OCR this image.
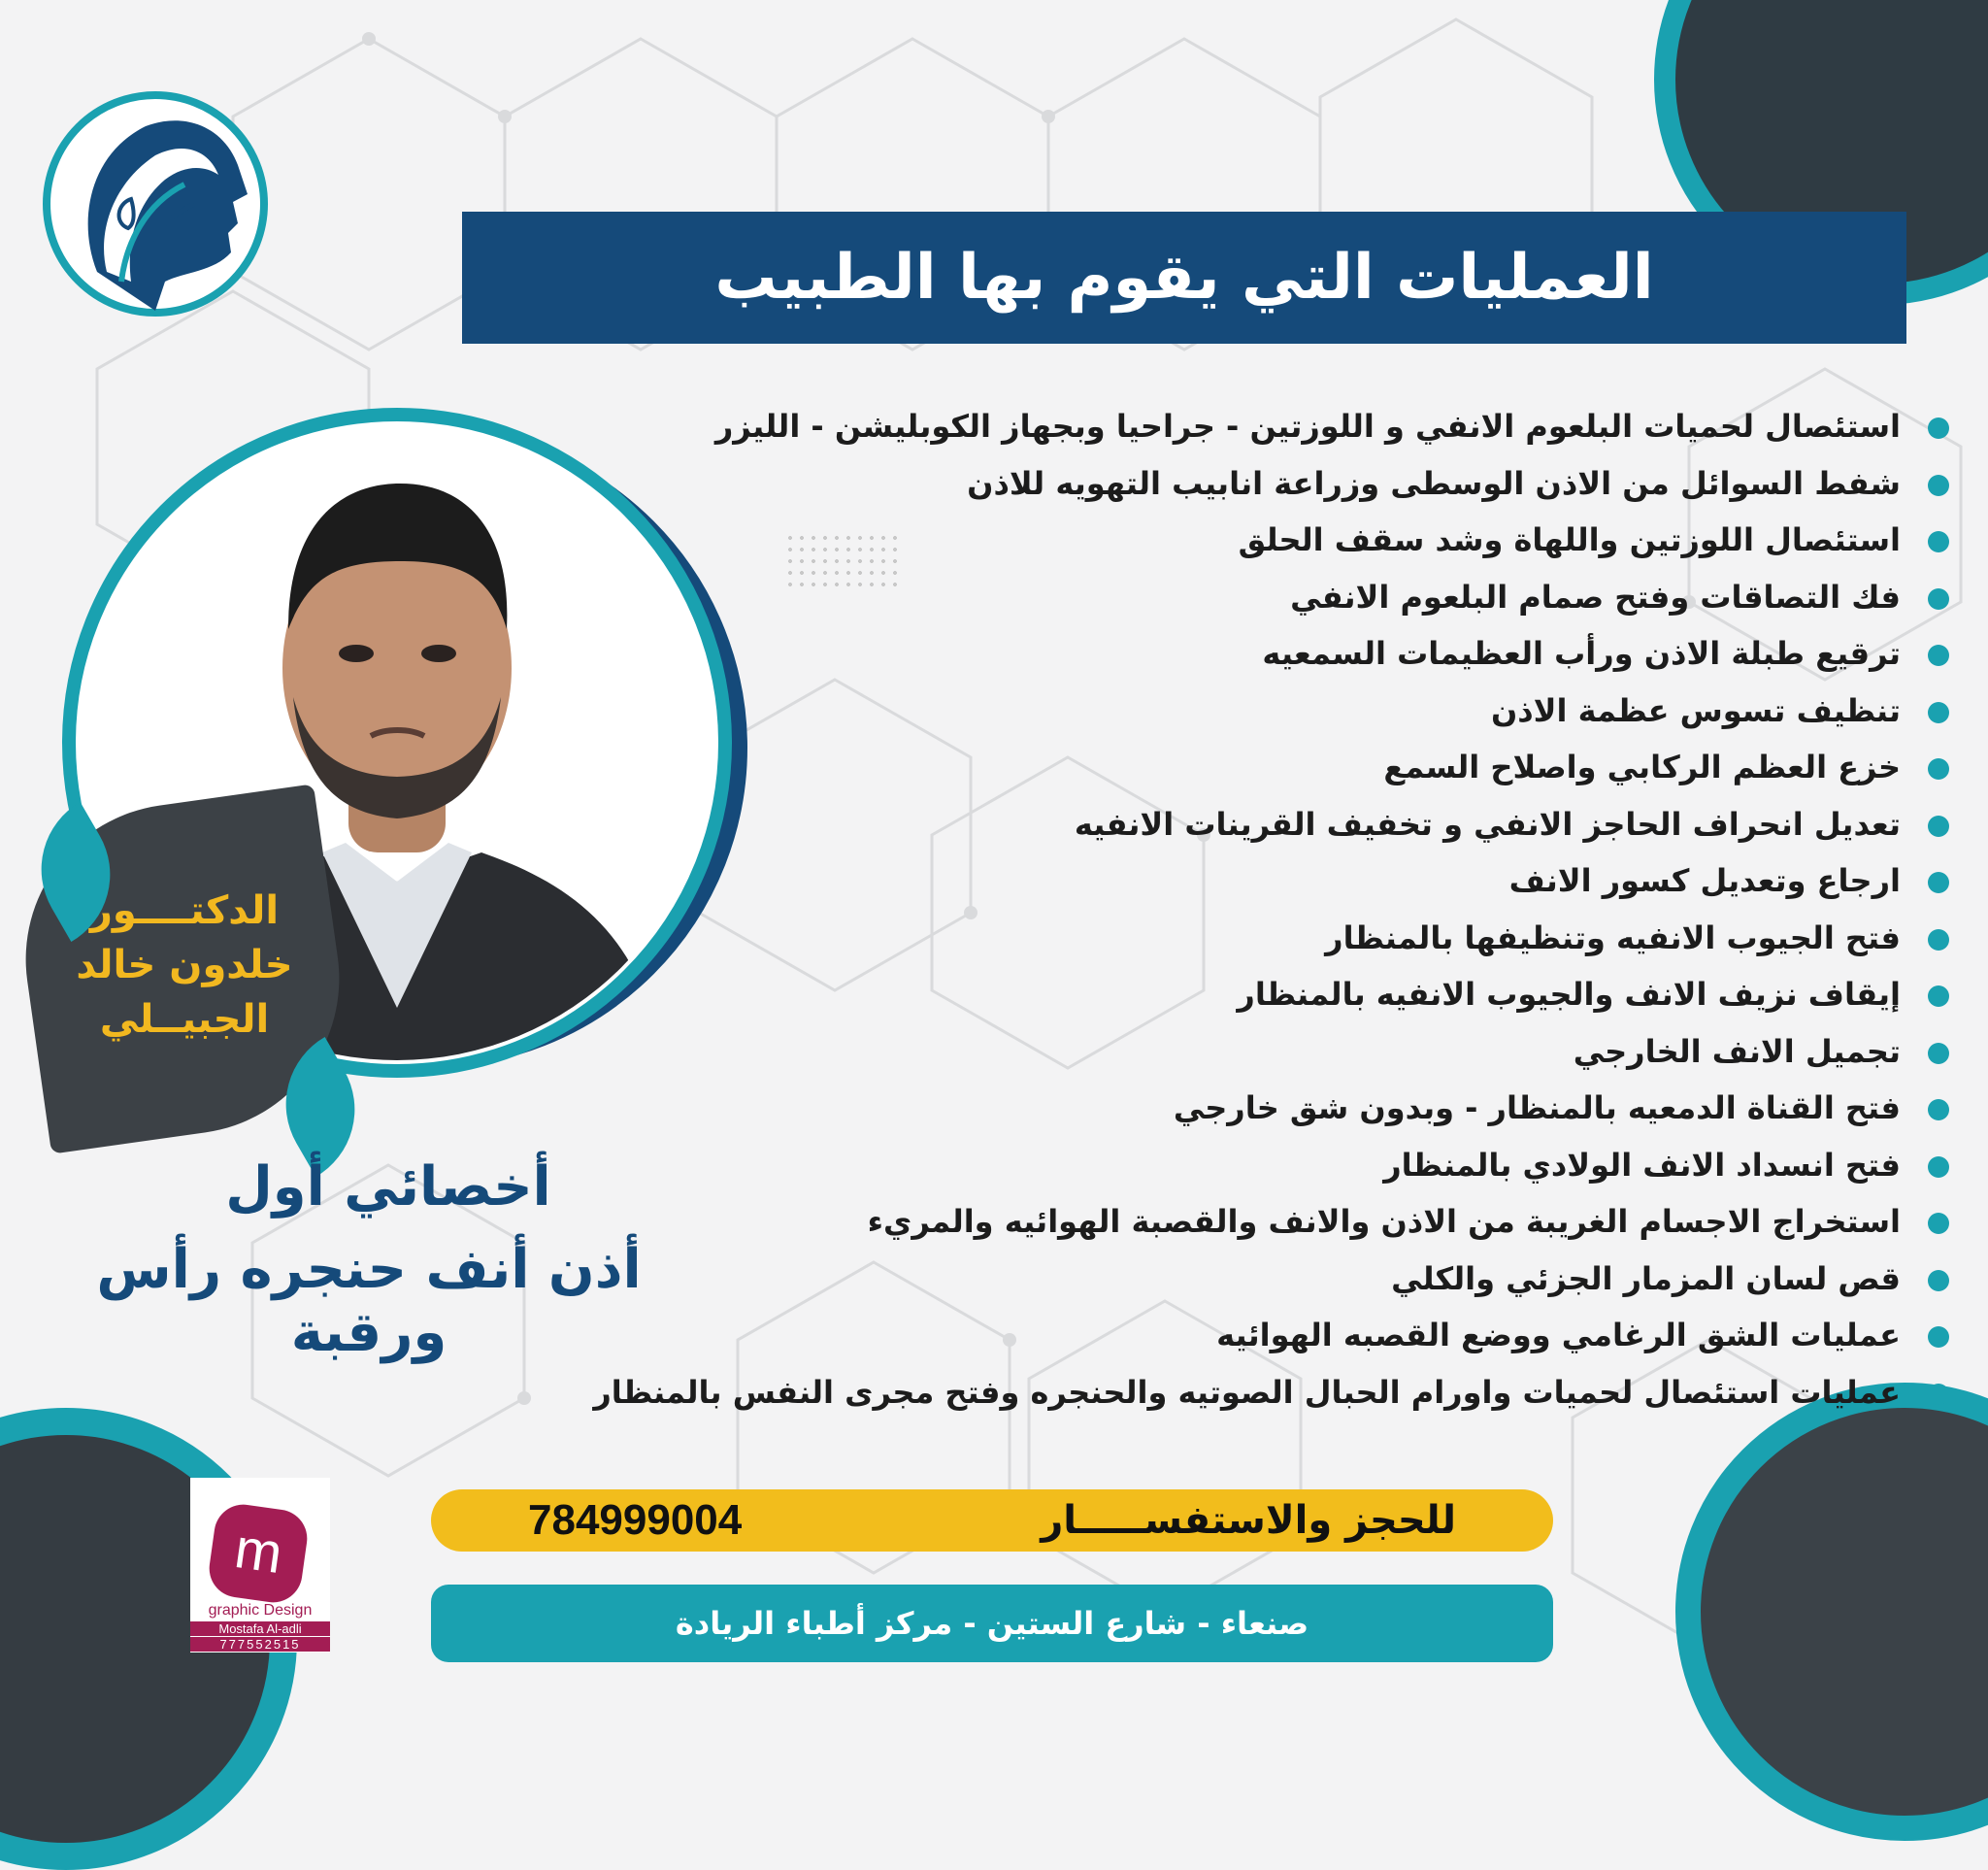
العمليات التي يقوم بها الطبيب
استئصال لحميات البلعوم الانفي و اللوزتين - جراحيا وبجهاز الكوبليشن - الليزر
شفط السوائل من الاذن الوسطى وزراعة انابيب التهويه للاذن
استئصال اللوزتين واللهاة وشد سقف الحلق
فك التصاقات وفتح صمام البلعوم الانفي
ترقيع طبلة الاذن ورأب العظيمات السمعيه
تنظيف تسوس عظمة الاذن
خزع العظم الركابي واصلاح السمع
تعديل انحراف الحاجز الانفي و تخفيف القرينات الانفيه
ارجاع وتعديل كسور الانف
فتح الجيوب الانفيه وتنظيفها بالمنظار
إيقاف نزيف الانف والجيوب الانفيه بالمنظار
تجميل الانف الخارجي
فتح القناة الدمعيه بالمنظار - وبدون شق خارجي
فتح انسداد الانف الولادي بالمنظار
استخراج الاجسام الغريبة من الاذن والانف والقصبة الهوائيه والمريء
قص لسان المزمار الجزئي والكلي
عمليات الشق الرغامي ووضع القصبه الهوائيه
عمليات استئصال لحميات واورام الحبال الصوتيه والحنجره وفتح مجرى النفس بالمنظار
الدكتــــور
خلدون خالد
الجبيــلي
أخصائي أول
أذن أنف حنجره رأس ورقبة
m
graphic Design
Mostafa Al-adli
777552515
للحجز والاستفســـــار
784999004
صنعاء - شارع الستين - مركز أطباء الريادة
